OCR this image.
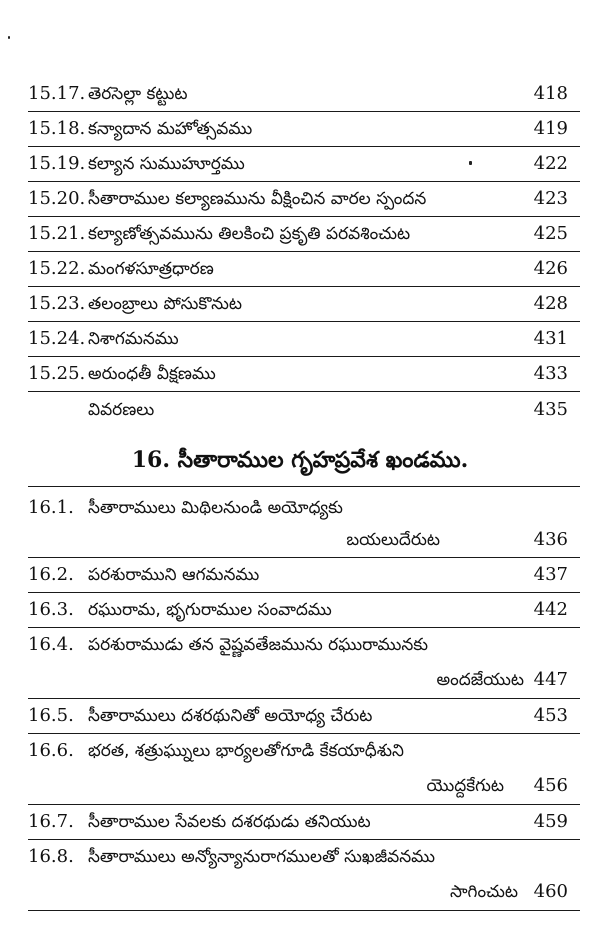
15.17. తెరసెల్లా కట్టుట	418
15.18. కన్యాదాన మహోత్సవము	419
15.19. కల్యాన సుముహూర్తము	422
15.20. సీతారాముల కల్యాణమును వీక్షించిన వారల స్పందన	423
15.21. కల్యాణోత్సవమును తిలకించి ప్రకృతి పరవశించుట	425
15.22. మంగళసూత్రధారణ	426
15.23. తలంబ్రాలు పోసుకొనుట	428
15.24. నిశాగమనము	431
15.25. అరుంధతీ వీక్షణము	433
వివరణలు	435
16. సీతారాముల గృహప్రవేశ ఖండము.
16.1. సీతారాములు మిథిలనుండి అయోధ్యకు
బయలుదేరుట	436
16.2. పరశురాముని ఆగమనము	437
16.3. రఘురామ, భృగురాముల సంవాదము	442
16.4. పరశురాముడు తన వైష్ణవతేజమును రఘురామునకు
అందజేయుట 447
16.5. సీతారాములు దశరథునితో అయోధ్య చేరుట	453
16.6. భరత, శత్రుఘ్నులు భార్యలతోగూడి కేకయాధీశుని
యొద్దకేగుట 456
16.7. సీతారాముల సేవలకు దశరథుడు తనియుట	459
16.8. సీతారాములు అన్యోన్యానురాగములతో సుఖజీవనము
సాగించుట 460
